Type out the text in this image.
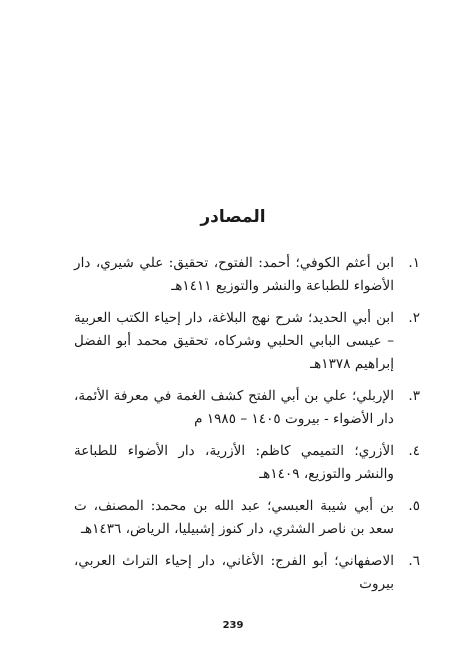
المصادر
١.
ابن أعثم الكوفي؛ أحمد: الفتوح، تحقيق: علي شيري، دار الأضواء للطباعة والنشر والتوزيع ١٤١١هـ
٢.
ابن أبي الحديد؛ شرح نهج البلاغة، دار إحياء الكتب العربية – عيسى البابي الحلبي وشركاه، تحقيق محمد أبو الفضل إبراهيم ١٣٧٨هـ
٣.
الإربلي؛ علي بن أبي الفتح كشف الغمة في معرفة الأئمة، دار الأضواء - بيروت ١٤٠٥ – ١٩٨٥ م
٤.
الأزري؛ التميمي كاظم: الأزرية، دار الأضواء للطباعة والنشر والتوزيع، ١٤٠٩هـ
٥.
بن أبي شيبة العبسي؛ عبد الله بن محمد: المصنف، ت سعد بن ناصر الشثري، دار كنوز إشبيليا، الرياض، ١٤٣٦هـ
٦.
الاصفهاني؛ أبو الفرج: الأغاني، دار إحياء التراث العربي، بيروت
239
